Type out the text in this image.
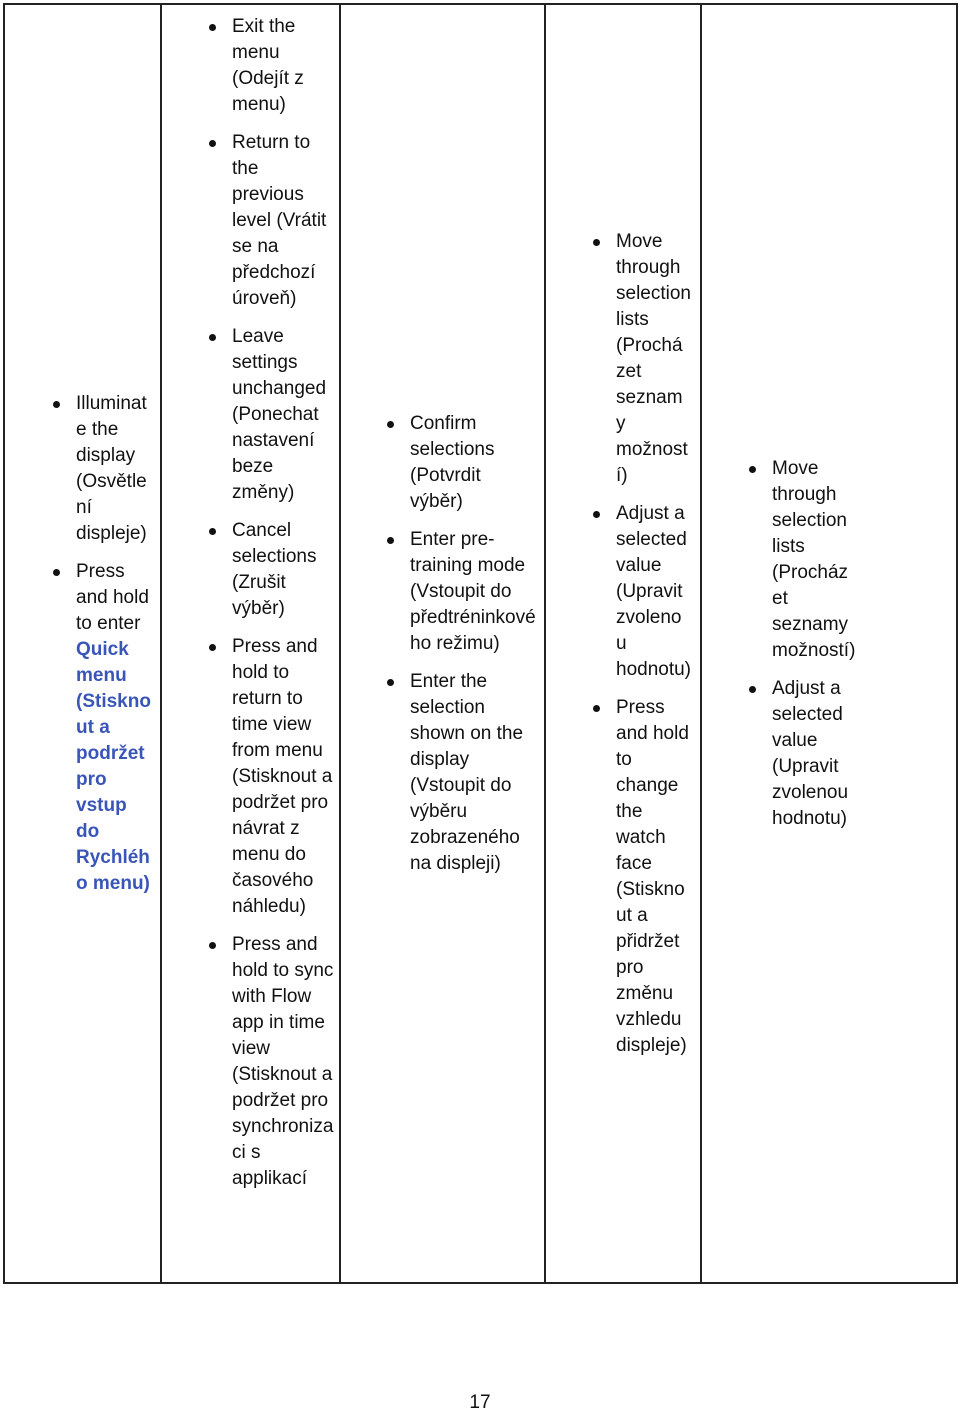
Illuminate the display (Osvětlení displeje)
Press and hold to enter Quick menu (Stisknout a podržet pro vstup do Rychlého menu)
Exit the menu (Odejít z menu)
Return to the previous level (Vrátit se na předchozí úroveň)
Leave settings unchanged (Ponechat nastavení beze změny)
Cancel selections (Zrušit výběr)
Press and hold to return to time view from menu (Stisknout a podržet pro návrat z menu do časového náhledu)
Press and hold to sync with Flow app in time view (Stisknout a podržet pro synchronizaci s applikací
Confirm selections (Potvrdit výběr)
Enter pre-training mode (Vstoupit do předtréninkového režimu)
Enter the selection shown on the display (Vstoupit do výběru zobrazeného na displeji)
Move through selection lists (Procházet seznamy možností)
Adjust a selected value (Upravit zvolenou hodnotu)
Press and hold to change the watch face (Stisknout a přidržet pro změnu vzhledu displeje)
Move through selection lists (Procházet seznamy možností)
Adjust a selected value (Upravit zvolenou hodnotu)
17
